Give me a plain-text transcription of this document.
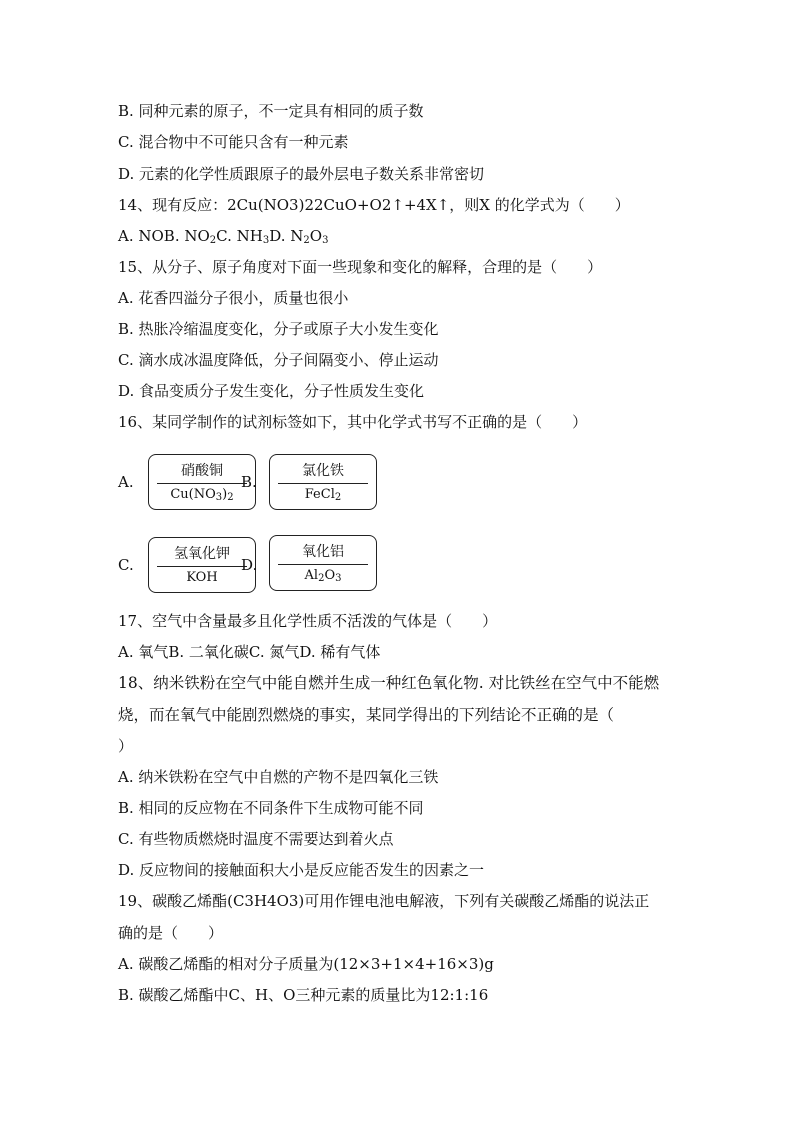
B. 同种元素的原子，不一定具有相同的质子数
C. 混合物中不可能只含有一种元素
D. 元素的化学性质跟原子的最外层电子数关系非常密切
14、现有反应：2Cu(NO3)22CuO+O2↑+4X↑，则X 的化学式为（　　）
A. NOB. $NO_2C$. $NH_3D$. $N_2O_3$
15、从分子、原子角度对下面一些现象和变化的解释，合理的是（　　）
A. 花香四溢分子很小，质量也很小
B. 热胀冷缩温度变化，分子或原子大小发生变化
C. 滴水成冰温度降低，分子间隔变小、停止运动
D. 食品变质分子发生变化，分子性质发生变化
16、某同学制作的试剂标签如下，其中化学式书写不正确的是（　　）
A.
硝酸铜
$Cu(NO_3)_2$
B.
氯化铁
FeCl$_2$
C.
氢氧化钾
KOH
D.
氧化铝
$Al_2O_3$
17、空气中含量最多且化学性质不活泼的气体是（　　）
A. 氧气B. 二氧化碳C. 氮气D. 稀有气体
18、纳米铁粉在空气中能自燃并生成一种红色氧化物. 对比铁丝在空气中不能燃
烧，而在氧气中能剧烈燃烧的事实，某同学得出的下列结论不正确的是（
）
A. 纳米铁粉在空气中自燃的产物不是四氧化三铁
B. 相同的反应物在不同条件下生成物可能不同
C. 有些物质燃烧时温度不需要达到着火点
D. 反应物间的接触面积大小是反应能否发生的因素之一
19、碳酸乙烯酯(C3H4O3)可用作锂电池电解液，下列有关碳酸乙烯酯的说法正
确的是（　　）
A. 碳酸乙烯酯的相对分子质量为(12×3+1×4+16×3)g
B. 碳酸乙烯酯中C、H、O三种元素的质量比为12:1:16
